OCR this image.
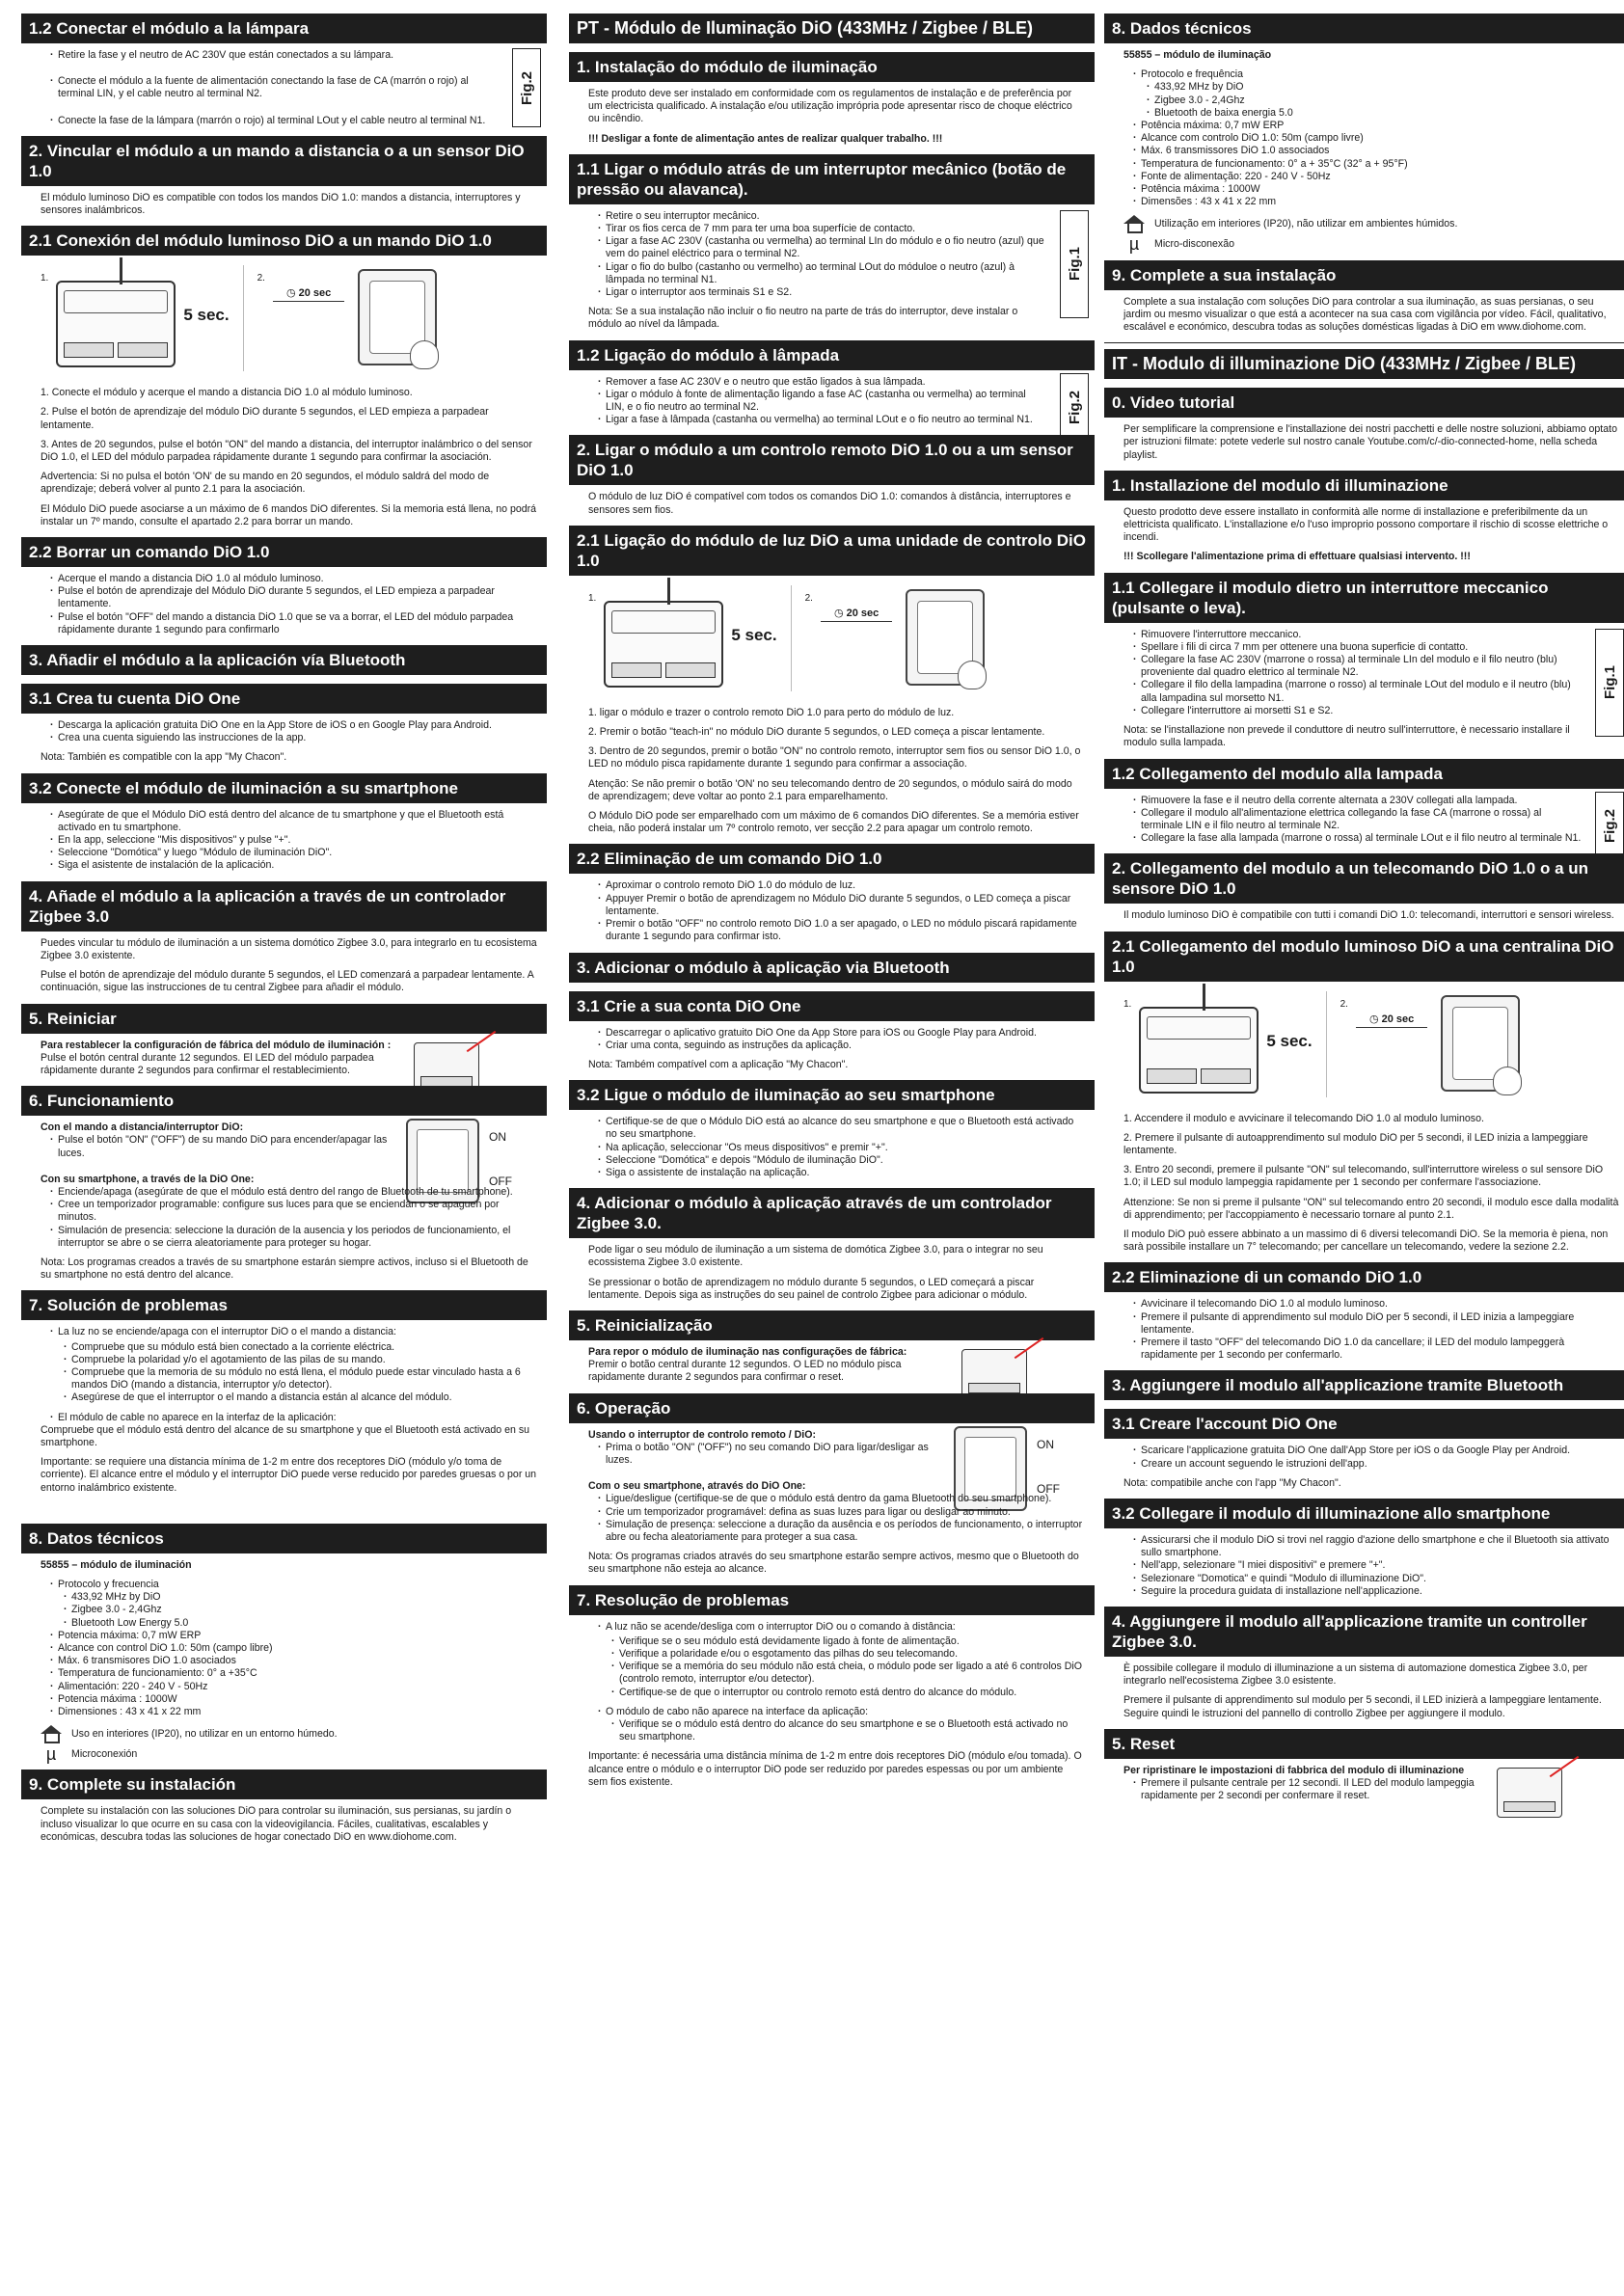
1.2 Conectar el módulo a la lámpara
Fig.2
· Retire la fase y el neutro de AC 230V que están conectados a su lámpara.
· Conecte el módulo a la fuente de alimentación conectando la fase de CA (marrón o rojo) al terminal LIN, y el cable neutro al terminal N2.
· Conecte la fase de la lámpara (marrón o rojo) al terminal LOut y el cable neutro al terminal N1.
2. Vincular el módulo a un mando a distancia o a un sensor DiO 1.0

El módulo luminoso DiO es compatible con todos los mandos DiO 1.0: mandos a distancia, interruptores y sensores inalámbricos.

2.1 Conexión del módulo luminoso DiO a un mando DiO 1.0
1.
5 sec.
2.
◷ 20 sec

1. Conecte el módulo y acerque el mando a distancia DiO 1.0 al módulo luminoso.

2. Pulse el botón de aprendizaje del módulo DiO durante 5 segundos, el LED empieza a parpadear lentamente.

3. Antes de 20 segundos, pulse el botón "ON" del mando a distancia, del interruptor inalámbrico o del sensor DiO 1.0, el LED del módulo parpadea rápidamente durante 1 segundo para confirmar la asociación.

Advertencia: Si no pulsa el botón 'ON' de su mando en 20 segundos, el módulo saldrá del modo de aprendizaje; deberá volver al punto 2.1 para la asociación.

El Módulo DiO puede asociarse a un máximo de 6 mandos DiO diferentes. Si la memoria está llena, no podrá instalar un 7º mando, consulte el apartado 2.2 para borrar un mando.

2.2 Borrar un comando DiO 1.0
· Acerque el mando a distancia DiO 1.0 al módulo luminoso.
· Pulse el botón de aprendizaje del Módulo DiO durante 5 segundos, el LED empieza a parpadear lentamente.
· Pulse el botón "OFF" del mando a distancia DiO 1.0 que se va a borrar, el LED del módulo parpadea rápidamente durante 1 segundo para confirmarlo
3. Añadir el módulo a la aplicación vía Bluetooth
3.1 Crea tu cuenta DiO One
· Descarga la aplicación gratuita DiO One en la App Store de iOS o en Google Play para Android.
· Crea una cuenta siguiendo las instrucciones de la app.

Nota: También es compatible con la app "My Chacon".

3.2 Conecte el módulo de iluminación a su smartphone
· Asegúrate de que el Módulo DiO está dentro del alcance de tu smartphone y que el Bluetooth está activado en tu smartphone.
· En la app, seleccione "Mis dispositivos" y pulse "+".
· Seleccione "Domótica" y luego "Módulo de iluminación DiO".
· Siga el asistente de instalación de la aplicación.
4. Añade el módulo a la aplicación a través de un controlador Zigbee 3.0

Puedes vincular tu módulo de iluminación a un sistema domótico Zigbee 3.0, para integrarlo en tu ecosistema Zigbee 3.0 existente.

Pulse el botón de aprendizaje del módulo durante 5 segundos, el LED comenzará a parpadear lentamente. A continuación, sigue las instrucciones de tu central Zigbee para añadir el módulo.

5. Reiniciar

Para restablecer la configuración de fábrica del módulo de iluminación :

Pulse el botón central durante 12 segundos. El LED del módulo parpadea rápidamente durante 2 segundos para confirmar el restablecimiento.

6. Funcionamiento

Con el mando a distancia/interruptor DiO:

· Pulse el botón "ON" ("OFF") de su mando DiO para encender/apagar las luces.
ON
OFF

Con su smartphone, a través de la DiO One:

· Enciende/apaga (asegúrate de que el módulo está dentro del rango de Bluetooth de tu smartphone).
· Cree un temporizador programable: configure sus luces para que se enciendan o se apaguen por minutos.
· Simulación de presencia: seleccione la duración de la ausencia y los periodos de funcionamiento, el interruptor se abre o se cierra aleatoriamente para proteger su hogar.

Nota: Los programas creados a través de su smartphone estarán siempre activos, incluso si el Bluetooth de su smartphone no está dentro del alcance.

7. Solución de problemas
· La luz no se enciende/apaga con el interruptor DiO o el mando a distancia:
· Compruebe que su módulo está bien conectado a la corriente eléctrica.
· Compruebe la polaridad y/o el agotamiento de las pilas de su mando.
· Compruebe que la memoria de su módulo no está llena, el módulo puede estar vinculado hasta a 6 mandos DiO (mando a distancia, interruptor y/o detector).
· Asegúrese de que el interruptor o el mando a distancia están al alcance del módulo.
· El módulo de cable no aparece en la interfaz de la aplicación:

Compruebe que el módulo está dentro del alcance de su smartphone y que el Bluetooth está activado en su smartphone.

Importante: se requiere una distancia mínima de 1-2 m entre dos receptores DiO (módulo y/o toma de corriente). El alcance entre el módulo y el interruptor DiO puede verse reducido por paredes gruesas o por un entorno inalámbrico existente.

8. Datos técnicos

55855 – módulo de iluminación

· Protocolo y frecuencia
· 433,92 MHz by DiO
· Zigbee 3.0 - 2,4Ghz
· Bluetooth Low Energy 5.0
· Potencia máxima: 0,7 mW ERP
· Alcance con control DiO 1.0: 50m (campo libre)
· Máx. 6 transmisores DiO 1.0 asociados
· Temperatura de funcionamiento: 0° a +35°C
· Alimentación: 220 - 240 V - 50Hz
· Potencia máxima : 1000W
· Dimensiones : 43 x 41 x 22 mm
Uso en interiores (IP20), no utilizar en un entorno húmedo.
µ	Microconexión
9. Complete su instalación

Complete su instalación con las soluciones DiO para controlar su iluminación, sus persianas, su jardín o incluso visualizar lo que ocurre en su casa con la videovigilancia. Fáciles, cualitativas, escalables y económicas, descubra todas las soluciones de hogar conectado DiO en www.diohome.com.

PT - Módulo de Iluminação DiO (433MHz / Zigbee / BLE)
1. Instalação do módulo de iluminação

Este produto deve ser instalado em conformidade com os regulamentos de instalação e de preferência por um electricista qualificado. A instalação e/ou utilização imprópria pode apresentar risco de choque eléctrico ou incêndio.

!!! Desligar a fonte de alimentação antes de realizar qualquer trabalho. !!!

1.1 Ligar o módulo atrás de um interruptor mecânico (botão de pressão ou alavanca).
Fig.1
· Retire o seu interruptor mecânico.
· Tirar os fios cerca de 7 mm para ter uma boa superfície de contacto.
· Ligar a fase AC 230V (castanha ou vermelha) ao terminal LIn do módulo e o fio neutro (azul) que vem do painel eléctrico para o terminal N2.
· Ligar o fio do bulbo (castanho ou vermelho) ao terminal LOut do móduloe o neutro (azul) à lâmpada no terminal N1.
· Ligar o interruptor aos terminais S1 e S2.

Nota: Se a sua instalação não incluir o fio neutro na parte de trás do interruptor, deve instalar o módulo ao nível da lâmpada.

1.2 Ligação do módulo à lâmpada
Fig.2
· Remover a fase AC 230V e o neutro que estão ligados à sua lâmpada.
· Ligar o módulo à fonte de alimentação ligando a fase AC (castanha ou vermelha) ao terminal LIN, e o fio neutro ao terminal N2.
· Ligar a fase à lâmpada (castanha ou vermelha) ao terminal LOut e o fio neutro ao terminal N1.
2. Ligar o módulo a um controlo remoto DiO 1.0 ou a um sensor DiO 1.0

O módulo de luz DiO é compatível com todos os comandos DiO 1.0: comandos à distância, interruptores e sensores sem fios.

2.1 Ligação do módulo de luz DiO a uma unidade de controlo DiO 1.0
1.
5 sec.
2.
◷ 20 sec

1. ligar o módulo e trazer o controlo remoto DiO 1.0 para perto do módulo de luz.

2. Premir o botão "teach-in" no módulo DiO durante 5 segundos, o LED começa a piscar lentamente.

3. Dentro de 20 segundos, premir o botão "ON" no controlo remoto, interruptor sem fios ou sensor DiO 1.0, o LED no módulo pisca rapidamente durante 1 segundo para confirmar a associação.

Atenção: Se não premir o botão 'ON' no seu telecomando dentro de 20 segundos, o módulo sairá do modo de aprendizagem; deve voltar ao ponto 2.1 para emparelhamento.

O Módulo DiO pode ser emparelhado com um máximo de 6 comandos DiO diferentes. Se a memória estiver cheia, não poderá instalar um 7º controlo remoto, ver secção 2.2 para apagar um controlo remoto.

2.2 Eliminação de um comando DiO 1.0
· Aproximar o controlo remoto DiO 1.0 do módulo de luz.
· Appuyer Premir o botão de aprendizagem no Módulo DiO durante 5 segundos, o LED começa a piscar lentamente.
· Premir o botão "OFF" no controlo remoto DiO 1.0 a ser apagado, o LED no módulo piscará rapidamente durante 1 segundo para confirmar isto.
3. Adicionar o módulo à aplicação via Bluetooth
3.1 Crie a sua conta DiO One
· Descarregar o aplicativo gratuito DiO One da App Store para iOS ou Google Play para Android.
· Criar uma conta, seguindo as instruções da aplicação.

Nota: Também compatível com a aplicação "My Chacon".

3.2 Ligue o módulo de iluminação ao seu smartphone
· Certifique-se de que o Módulo DiO está ao alcance do seu smartphone e que o Bluetooth está activado no seu smartphone.
· Na aplicação, seleccionar "Os meus dispositivos" e premir "+".
· Seleccione "Domótica" e depois "Módulo de iluminação DiO".
· Siga o assistente de instalação na aplicação.
4. Adicionar o módulo à aplicação através de um controlador Zigbee 3.0.

Pode ligar o seu módulo de iluminação a um sistema de domótica Zigbee 3.0, para o integrar no seu ecossistema Zigbee 3.0 existente.

Se pressionar o botão de aprendizagem no módulo durante 5 segundos, o LED começará a piscar lentamente. Depois siga as instruções do seu painel de controlo Zigbee para adicionar o módulo.

5. Reinicialização

Para repor o módulo de iluminação nas configurações de fábrica:

Premir o botão central durante 12 segundos. O LED no módulo pisca rapidamente durante 2 segundos para confirmar o reset.

6. Operação

Usando o interruptor de controlo remoto / DiO:

· Prima o botão "ON" ("OFF") no seu comando DiO para ligar/desligar as luzes.
ON
OFF

Com o seu smartphone, através do DiO One:

· Ligue/desligue (certifique-se de que o módulo está dentro da gama Bluetooth do seu smartphone).
· Crie um temporizador programável: defina as suas luzes para ligar ou desligar ao minuto.
· Simulação de presença: seleccione a duração da ausência e os períodos de funcionamento, o interruptor abre ou fecha aleatoriamente para proteger a sua casa.

Nota: Os programas criados através do seu smartphone estarão sempre activos, mesmo que o Bluetooth do seu smartphone não esteja ao alcance.

7. Resolução de problemas
· A luz não se acende/desliga com o interruptor DiO ou o comando à distância:
· Verifique se o seu módulo está devidamente ligado à fonte de alimentação.
· Verifique a polaridade e/ou o esgotamento das pilhas do seu telecomando.
· Verifique se a memória do seu módulo não está cheia, o módulo pode ser ligado a até 6 controlos DiO (controlo remoto, interruptor e/ou detector).
· Certifique-se de que o interruptor ou controlo remoto está dentro do alcance do módulo.
· O módulo de cabo não aparece na interface da aplicação:
· Verifique se o módulo está dentro do alcance do seu smartphone e se o Bluetooth está activado no seu smartphone.

Importante: é necessária uma distância mínima de 1-2 m entre dois receptores DiO (módulo e/ou tomada). O alcance entre o módulo e o interruptor DiO pode ser reduzido por paredes espessas ou por um ambiente sem fios existente.

8. Dados técnicos

55855 – módulo de iluminação

· Protocolo e frequência
· 433,92 MHz by DiO
· Zigbee 3.0 - 2,4Ghz
· Bluetooth de baixa energia 5.0
· Potência máxima: 0,7 mW ERP
· Alcance com controlo DiO 1.0: 50m (campo livre)
· Máx. 6 transmissores DiO 1.0 associados
· Temperatura de funcionamento: 0° a + 35°C (32° a + 95°F)
· Fonte de alimentação: 220 - 240 V - 50Hz
· Potência máxima : 1000W
· Dimensões : 43 x 41 x 22 mm
Utilização em interiores (IP20), não utilizar em ambientes húmidos.
µ	Micro-disconexão
9. Complete a sua instalação

Complete a sua instalação com soluções DiO para controlar a sua iluminação, as suas persianas, o seu jardim ou mesmo visualizar o que está a acontecer na sua casa com vigilância por vídeo. Fácil, qualitativo, escalável e económico, descubra todas as soluções domésticas ligadas à DiO em www.diohome.com.

IT - Modulo di illuminazione DiO (433MHz / Zigbee / BLE)
0. Video tutorial

Per semplificare la comprensione e l'installazione dei nostri pacchetti e delle nostre soluzioni, abbiamo optato per istruzioni filmate: potete vederle sul nostro canale Youtube.com/c/-dio-connected-home, nella scheda playlist.

1. Installazione del modulo di illuminazione

Questo prodotto deve essere installato in conformità alle norme di installazione e preferibilmente da un elettricista qualificato. L'installazione e/o l'uso improprio possono comportare il rischio di scosse elettriche o incendi.

!!! Scollegare l'alimentazione prima di effettuare qualsiasi intervento. !!!

1.1 Collegare il modulo dietro un interruttore meccanico (pulsante o leva).
Fig.1
· Rimuovere l'interruttore meccanico.
· Spellare i fili di circa 7 mm per ottenere una buona superficie di contatto.
· Collegare la fase AC 230V (marrone o rossa) al terminale LIn del modulo e il filo neutro (blu) proveniente dal quadro elettrico al terminale N2.
· Collegare il filo della lampadina (marrone o rosso) al terminale LOut del modulo e il neutro (blu) alla lampadina sul morsetto N1.
· Collegare l'interruttore ai morsetti S1 e S2.

Nota: se l'installazione non prevede il conduttore di neutro sull'interruttore, è necessario installare il modulo sulla lampada.

1.2 Collegamento del modulo alla lampada
Fig.2
· Rimuovere la fase e il neutro della corrente alternata a 230V collegati alla lampada.
· Collegare il modulo all'alimentazione elettrica collegando la fase CA (marrone o rossa) al terminale LIN e il filo neutro al terminale N2.
· Collegare la fase alla lampada (marrone o rossa) al terminale LOut e il filo neutro al terminale N1.
2. Collegamento del modulo a un telecomando DiO 1.0 o a un sensore DiO 1.0

Il modulo luminoso DiO è compatibile con tutti i comandi DiO 1.0: telecomandi, interruttori e sensori wireless.

2.1 Collegamento del modulo luminoso DiO a una centralina DiO 1.0
1.
5 sec.
2.
◷ 20 sec

1. Accendere il modulo e avvicinare il telecomando DiO 1.0 al modulo luminoso.

2. Premere il pulsante di autoapprendimento sul modulo DiO per 5 secondi, il LED inizia a lampeggiare lentamente.

3. Entro 20 secondi, premere il pulsante "ON" sul telecomando, sull'interruttore wireless o sul sensore DiO 1.0; il LED sul modulo lampeggia rapidamente per 1 secondo per confermare l'associazione.

Attenzione: Se non si preme il pulsante "ON" sul telecomando entro 20 secondi, il modulo esce dalla modalità di apprendimento; per l'accoppiamento è necessario tornare al punto 2.1.

Il modulo DiO può essere abbinato a un massimo di 6 diversi telecomandi DiO. Se la memoria è piena, non sarà possibile installare un 7° telecomando; per cancellare un telecomando, vedere la sezione 2.2.

2.2 Eliminazione di un comando DiO 1.0
· Avvicinare il telecomando DiO 1.0 al modulo luminoso.
· Premere il pulsante di apprendimento sul modulo DiO per 5 secondi, il LED inizia a lampeggiare lentamente.
· Premere il tasto "OFF" del telecomando DiO 1.0 da cancellare; il LED del modulo lampeggerà rapidamente per 1 secondo per confermarlo.
3. Aggiungere il modulo all'applicazione tramite Bluetooth
3.1 Creare l'account DiO One
· Scaricare l'applicazione gratuita DiO One dall'App Store per iOS o da Google Play per Android.
· Creare un account seguendo le istruzioni dell'app.

Nota: compatibile anche con l'app "My Chacon".

3.2 Collegare il modulo di illuminazione allo smartphone
· Assicurarsi che il modulo DiO si trovi nel raggio d'azione dello smartphone e che il Bluetooth sia attivato sullo smartphone.
· Nell'app, selezionare "I miei dispositivi" e premere "+".
· Selezionare "Domotica" e quindi "Modulo di illuminazione DiO".
· Seguire la procedura guidata di installazione nell'applicazione.
4. Aggiungere il modulo all'applicazione tramite un controller Zigbee 3.0.

È possibile collegare il modulo di illuminazione a un sistema di automazione domestica Zigbee 3.0, per integrarlo nell'ecosistema Zigbee 3.0 esistente.

Premere il pulsante di apprendimento sul modulo per 5 secondi, il LED inizierà a lampeggiare lentamente. Seguire quindi le istruzioni del pannello di controllo Zigbee per aggiungere il modulo.

5. Reset

Per ripristinare le impostazioni di fabbrica del modulo di illuminazione

· Premere il pulsante centrale per 12 secondi. Il LED del modulo lampeggia rapidamente per 2 secondi per confermare il reset.
